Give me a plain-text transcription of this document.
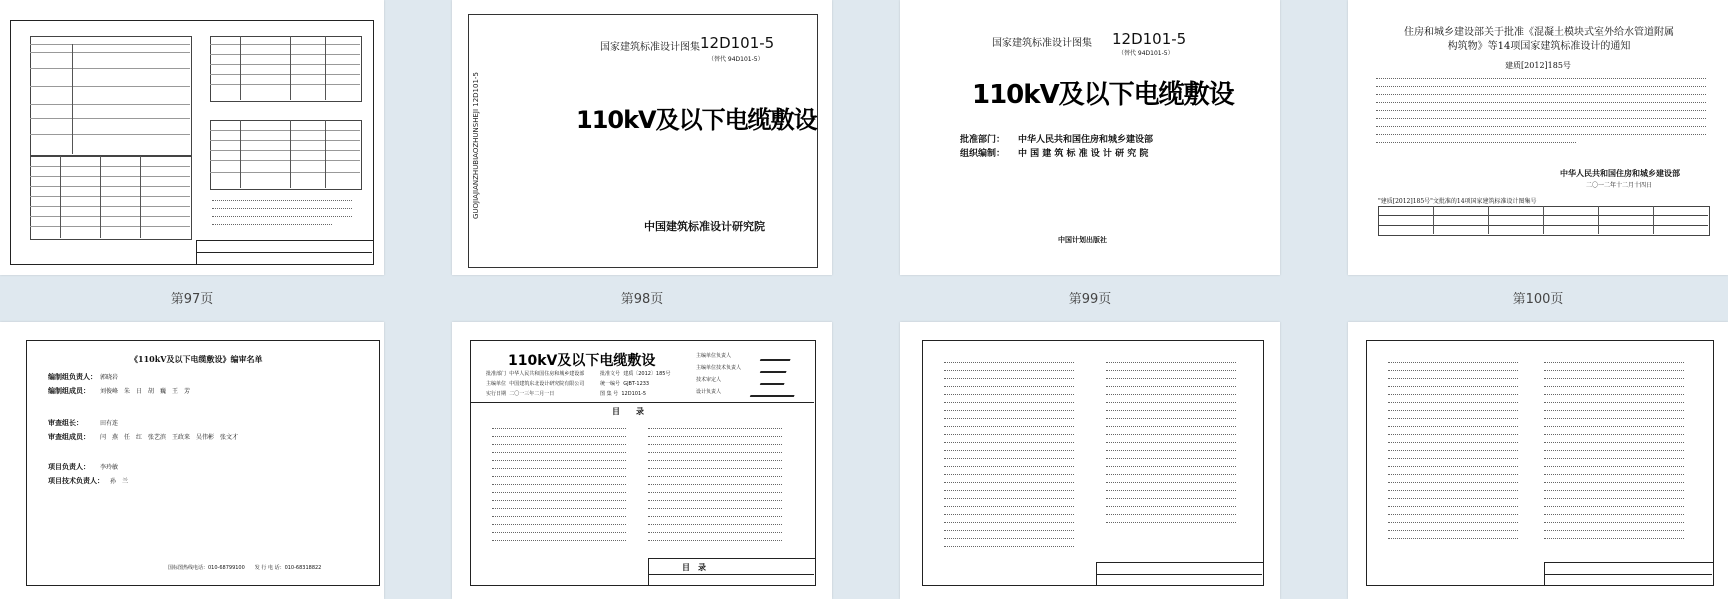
第97页
GUOJIAJIANZHUBIAOZHUNSHEJI 12D101-5
国家建筑标准设计图集 12D101-5
（替代 94D101-5）
110kV及以下电缆敷设
中国建筑标准设计研究院
第98页
国家建筑标准设计图集 12D101-5
（替代 94D101-5）
110kV及以下电缆敷设
批准部门： 中华人民共和国住房和城乡建设部
组织编制： 中 国 建 筑 标 准 设 计 研 究 院
中国计划出版社
第99页
住房和城乡建设部关于批准《混凝土模块式室外给水管道附属构筑物》等14项国家建筑标准设计的通知
建质[2012]185号
中华人民共和国住房和城乡建设部
二〇一二年十二月十四日
"建质[2012]185号"文批准的14项国家建筑标准设计图集号
第100页
《110kV及以下电缆敷设》编审名单
编制组负责人： 郭晓岩
编制组成员： 刘俊峰　朱　日　胡　巍　王　芳
审查组长：	田有连
审查组成员： 闫　燕　任　红　张艺滨　王政来　吴伟彬　张文才
项目负责人： 李玲敏
项目技术负责人： 孙　兰
国标图热线电话：010-68799100　　发 行 电 话：010-68318822
110kV及以下电缆敷设
批准部门 中华人民共和国住房和城乡建设部
主编单位 中国建筑东北设计研究院有限公司
实行日期 二〇一三年二月一日
批准文号 建质〔2012〕185号
统一编号 GJBT-1233
图 集 号 12D101-5
主编单位负责人
主编单位技术负责人
技术审定人
设计负责人
目　　录
目　录
